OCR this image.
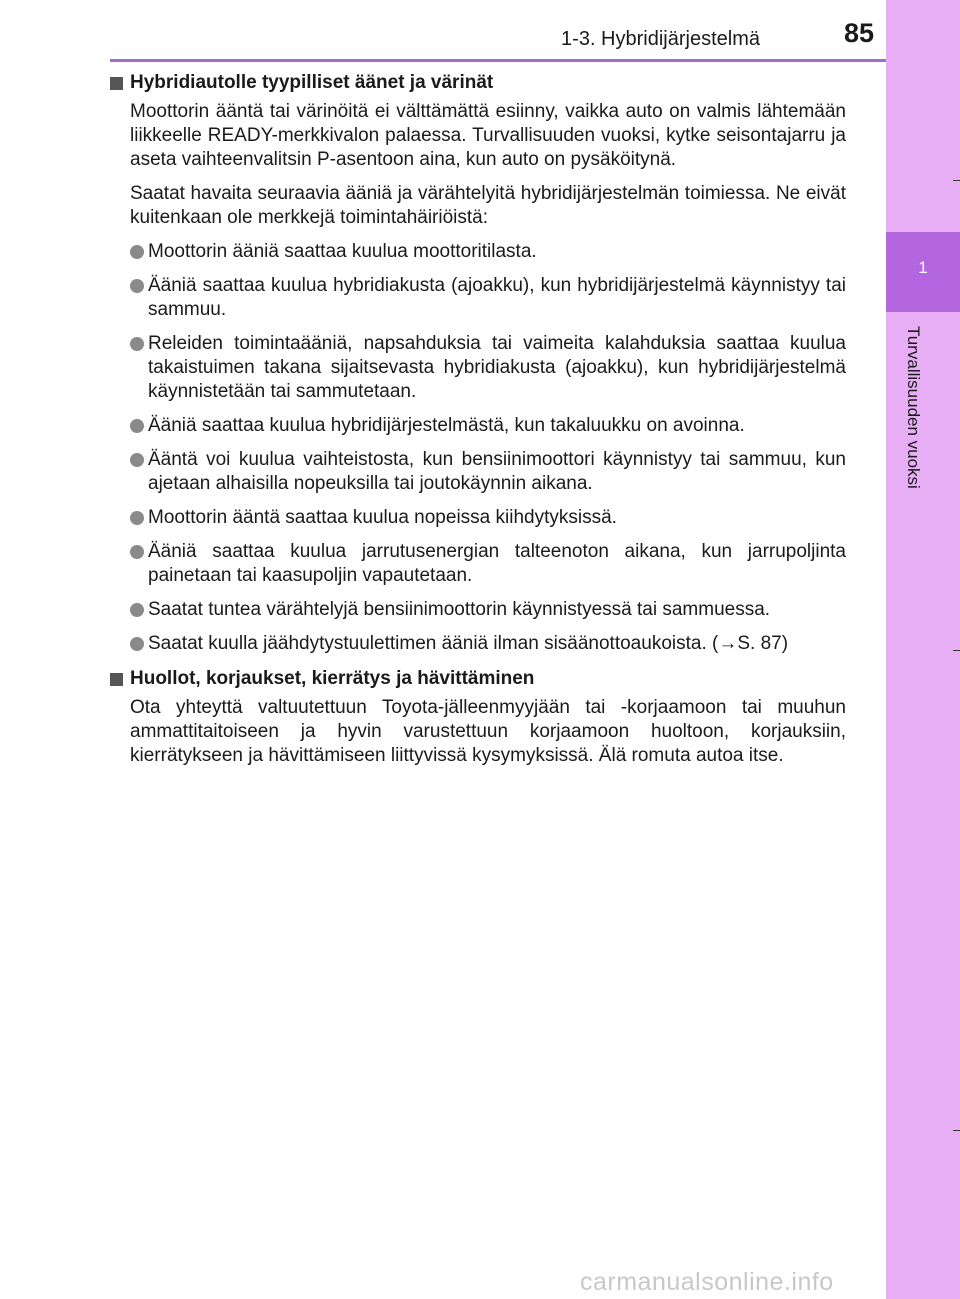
1-3. Hybridijärjestelmä	85
1
Turvallisuuden vuoksi
Hybridiautolle tyypilliset äänet ja värinät

Moottorin ääntä tai värinöitä ei välttämättä esiinny, vaikka auto on valmis lähtemään liikkeelle READY-merkkivalon palaessa. Turvallisuuden vuoksi, kytke seisontajarru ja aseta vaihteenvalitsin P-asentoon aina, kun auto on pysäköitynä.

Saatat havaita seuraavia ääniä ja värähtelyitä hybridijärjestelmän toimiessa. Ne eivät kuitenkaan ole merkkejä toimintahäiriöistä:

Moottorin ääniä saattaa kuulua moottoritilasta.
Ääniä saattaa kuulua hybridiakusta (ajoakku), kun hybridijärjestelmä käynnistyy tai sammuu.
Releiden toimintaääniä, napsahduksia tai vaimeita kalahduksia saattaa kuulua takaistuimen takana sijaitsevasta hybridiakusta (ajoakku), kun hybridijärjestelmä käynnistetään tai sammutetaan.
Ääniä saattaa kuulua hybridijärjestelmästä, kun takaluukku on avoinna.
Ääntä voi kuulua vaihteistosta, kun bensiinimoottori käynnistyy tai sammuu, kun ajetaan alhaisilla nopeuksilla tai joutokäynnin aikana.
Moottorin ääntä saattaa kuulua nopeissa kiihdytyksissä.
Ääniä saattaa kuulua jarrutusenergian talteenoton aikana, kun jarrupoljinta painetaan tai kaasupoljin vapautetaan.
Saatat tuntea värähtelyjä bensiinimoottorin käynnistyessä tai sammuessa.
Saatat kuulla jäähdytystuulettimen ääniä ilman sisäänottoaukoista. (→S. 87)
Huollot, korjaukset, kierrätys ja hävittäminen

Ota yhteyttä valtuutettuun Toyota-jälleenmyyjään tai -korjaamoon tai muuhun ammattitaitoiseen ja hyvin varustettuun korjaamoon huoltoon, korjauksiin, kierrätykseen ja hävittämiseen liittyvissä kysymyksissä. Älä romuta autoa itse.

carmanualsonline.info
